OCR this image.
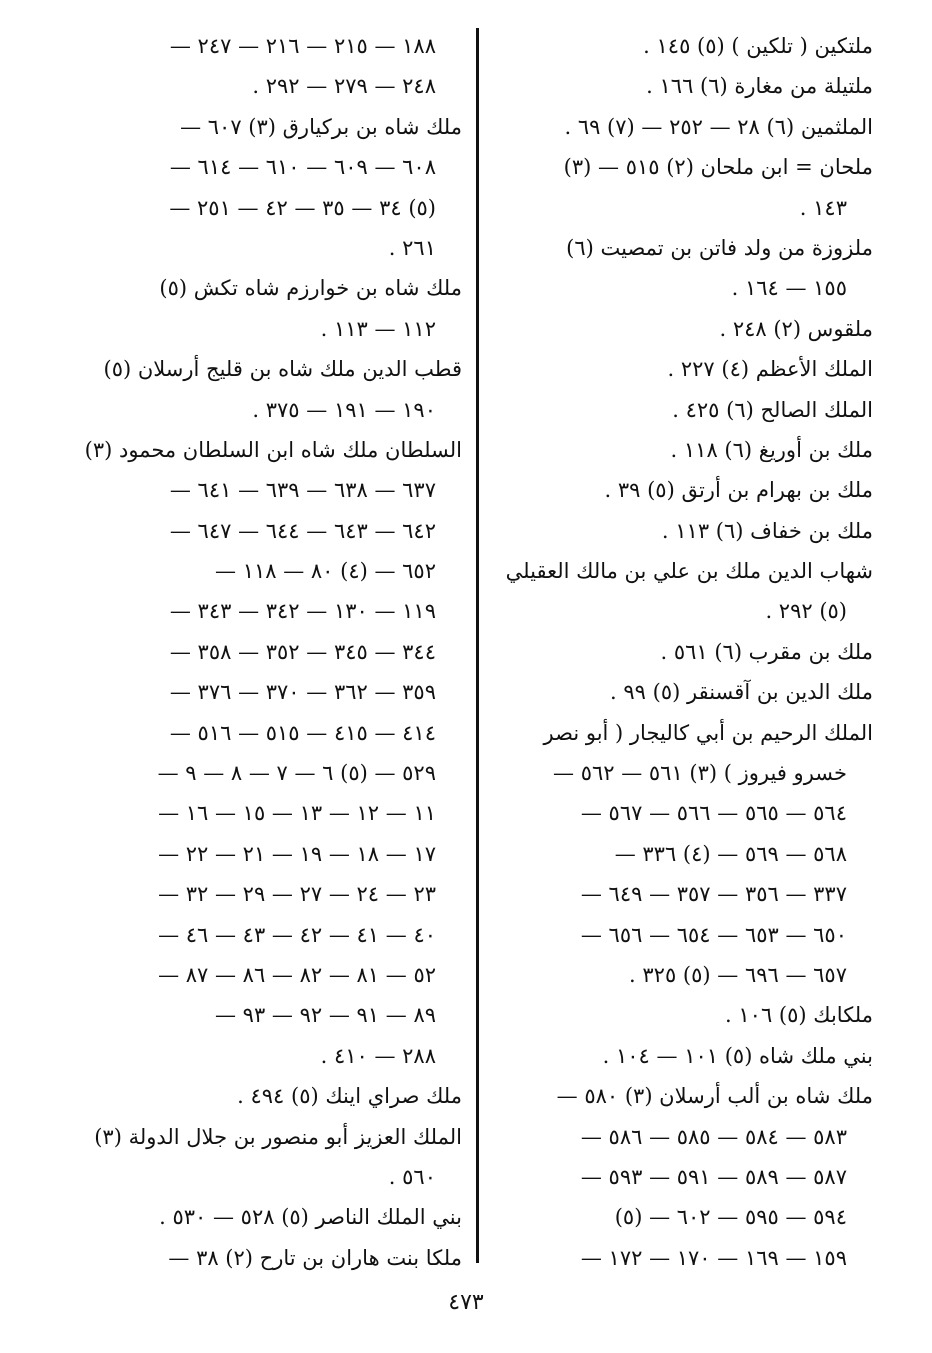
ملتكين ( تلكين ) (٥) ١٤٥ .
ملتيلة من مغارة (٦) ١٦٦ .
الملثمين (٦) ٢٨ — ٢٥٢ — (٧) ٦٩ .
ملحان = ابن ملحان (٢) ٥١٥ — (٣)
١٤٣ .
ملزوزة من ولد فاتن بن تمصيت (٦)
١٥٥ — ١٦٤ .
ملقوس (٢) ٢٤٨ .
الملك الأعظم (٤) ٢٢٧ .
الملك الصالح (٦) ٤٢٥ .
ملك بن أوريغ (٦) ١١٨ .
ملك بن بهرام بن أرتق (٥) ٣٩ .
ملك بن خفاف (٦) ١١٣ .
شهاب الدين ملك بن علي بن مالك العقيلي
(٥) ٢٩٢ .
ملك بن مقرب (٦) ٥٦١ .
ملك الدين بن آقسنقر (٥) ٩٩ .
الملك الرحيم بن أبي كاليجار ( أبو نصر
خسرو فيروز ) (٣) ٥٦١ — ٥٦٢ —
٥٦٤ — ٥٦٥ — ٥٦٦ — ٥٦٧ —
٥٦٨ — ٥٦٩ — (٤) ٣٣٦ —
٣٣٧ — ٣٥٦ — ٣٥٧ — ٦٤٩ —
٦٥٠ — ٦٥٣ — ٦٥٤ — ٦٥٦ —
٦٥٧ — ٦٩٦ — (٥) ٣٢٥ .
ملكابك (٥) ١٠٦ .
بني ملك شاه (٥) ١٠١ — ١٠٤ .
ملك شاه بن ألب أرسلان (٣) ٥٨٠ —
٥٨٣ — ٥٨٤ — ٥٨٥ — ٥٨٦ —
٥٨٧ — ٥٨٩ — ٥٩١ — ٥٩٣ —
٥٩٤ — ٥٩٥ — ٦٠٢ — (٥)
١٥٩ — ١٦٩ — ١٧٠ — ١٧٢ —
١٨٨ — ٢١٥ — ٢١٦ — ٢٤٧ —
٢٤٨ — ٢٧٩ — ٢٩٢ .
ملك شاه بن بركيارق (٣) ٦٠٧ —
٦٠٨ — ٦٠٩ — ٦١٠ — ٦١٤ —
(٥) ٣٤ — ٣٥ — ٤٢ — ٢٥١ —
٢٦١ .
ملك شاه بن خوارزم شاه تكش (٥)
١١٢ — ١١٣ .
قطب الدين ملك شاه بن قليج أرسلان (٥)
١٩٠ — ١٩١ — ٣٧٥ .
السلطان ملك شاه ابن السلطان محمود (٣)
٦٣٧ — ٦٣٨ — ٦٣٩ — ٦٤١ —
٦٤٢ — ٦٤٣ — ٦٤٤ — ٦٤٧ —
٦٥٢ — (٤) ٨٠ — ١١٨ —
١١٩ — ١٣٠ — ٣٤٢ — ٣٤٣ —
٣٤٤ — ٣٤٥ — ٣٥٢ — ٣٥٨ —
٣٥٩ — ٣٦٢ — ٣٧٠ — ٣٧٦ —
٤١٤ — ٤١٥ — ٥١٥ — ٥١٦ —
٥٢٩ — (٥) ٦ — ٧ — ٨ — ٩ —
١١ — ١٢ — ١٣ — ١٥ — ١٦ —
١٧ — ١٨ — ١٩ — ٢١ — ٢٢ —
٢٣ — ٢٤ — ٢٧ — ٢٩ — ٣٢ —
٤٠ — ٤١ — ٤٢ — ٤٣ — ٤٦ —
٥٢ — ٨١ — ٨٢ — ٨٦ — ٨٧ —
٨٩ — ٩١ — ٩٢ — ٩٣ —
٢٨٨ — ٤١٠ .
ملك صراي اينك (٥) ٤٩٤ .
الملك العزيز أبو منصور بن جلال الدولة (٣)
٥٦٠ .
بني الملك الناصر (٥) ٥٢٨ — ٥٣٠ .
ملكا بنت هاران بن تارح (٢) ٣٨ —
٤٧٣
